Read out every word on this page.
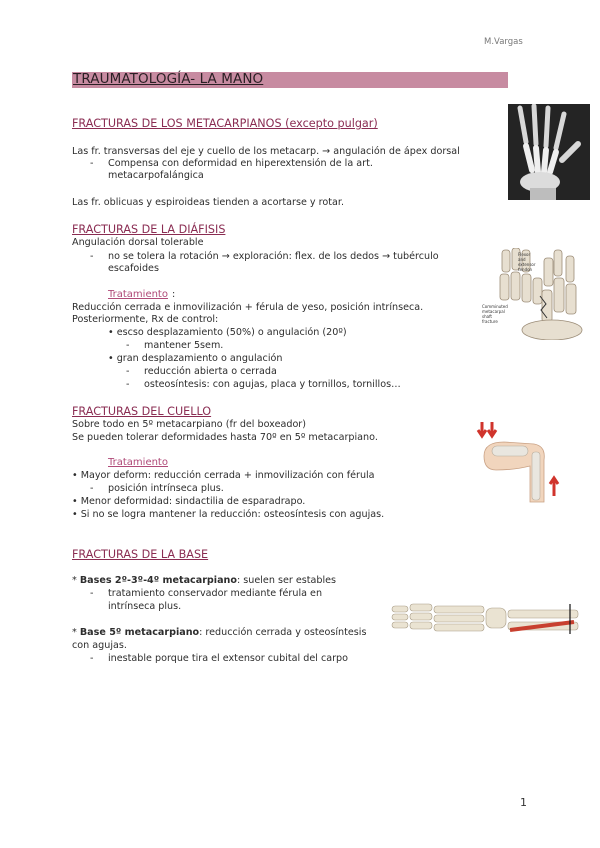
M.Vargas
TRAUMATOLOGÍA- LA MANO
FRACTURAS DE LOS METACARPIANOS (excepto pulgar)
Las fr. transversas del eje y cuello de los metacarp. → angulación de ápex dorsal
- Compensa con deformidad en hiperextensión de la art.
metacarpofalángica
Las fr. oblicuas y espiroideas tienden a acortarse y rotar.
FRACTURAS DE LA DIÁFISIS
Angulación dorsal tolerable
- no se tolera la rotación → exploración: flex. de los dedos → tubérculo
escafoides
Tratamiento :
Reducción cerrada e inmovilización + férula de yeso, posición intrínseca.
Posteriormente, Rx de control:
• escso desplazamiento (50%) o angulación (20º)
- mantener 5sem.
• gran desplazamiento o angulación
- reducción abierta o cerrada
- osteosíntesis: con agujas, placa y tornillos, tornillos…
Flexor and extensor tendon
Comminuted metacarpal shaft fracture
FRACTURAS DEL CUELLO
Sobre todo en 5º metacarpiano (fr del boxeador)
Se pueden tolerar deformidades hasta 70º en 5º metacarpiano.
Tratamiento
• Mayor deform: reducción cerrada + inmovilización con férula
- posición intrínseca plus.
• Menor deformidad: sindactilia de esparadrapo.
• Si no se logra mantener la reducción: osteosíntesis con agujas.
FRACTURAS DE LA BASE
* Bases 2º-3º-4º metacarpiano: suelen ser estables
- tratamiento conservador mediante férula en
intrínseca plus.
* Base 5º metacarpiano: reducción cerrada y osteosíntesis
con agujas.
- inestable porque tira el extensor cubital del carpo
1
